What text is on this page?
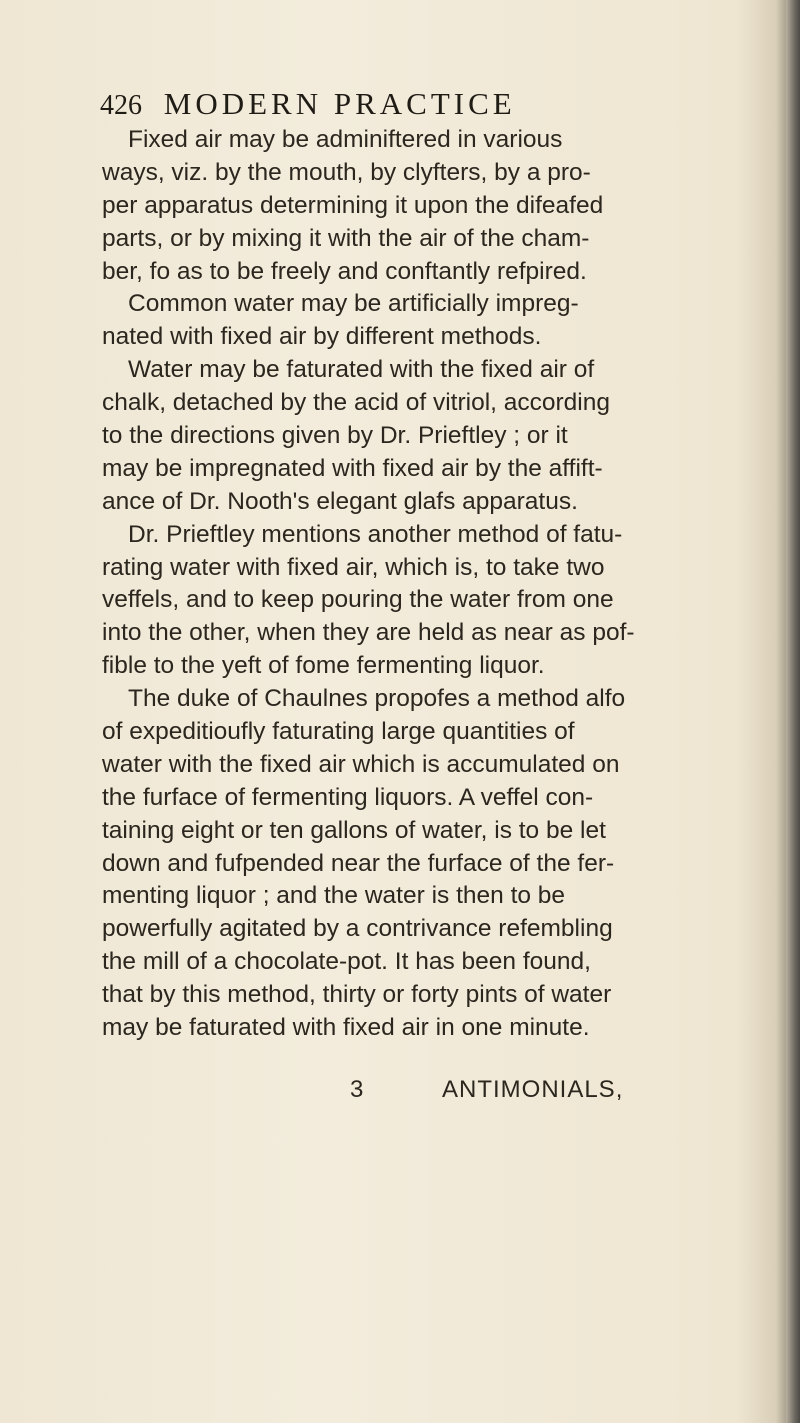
426 MODERN PRACTICE
Fixed air may be adminiftered in various
ways, viz. by the mouth, by clyfters, by a pro-
per apparatus determining it upon the difeafed
parts, or by mixing it with the air of the cham-
ber, fo as to be freely and conftantly refpired.
Common water may be artificially impreg-
nated with fixed air by different methods.
Water may be faturated with the fixed air of
chalk, detached by the acid of vitriol, according
to the directions given by Dr. Prieftley ; or it
may be impregnated with fixed air by the affift-
ance of Dr. Nooth's elegant glafs apparatus.
Dr. Prieftley mentions another method of fatu-
rating water with fixed air, which is, to take two
veffels, and to keep pouring the water from one
into the other, when they are held as near as pof-
fible to the yeft of fome fermenting liquor.
The duke of Chaulnes propofes a method alfo
of expeditioufly faturating large quantities of
water with the fixed air which is accumulated on
the furface of fermenting liquors. A veffel con-
taining eight or ten gallons of water, is to be let
down and fufpended near the furface of the fer-
menting liquor ; and the water is then to be
powerfully agitated by a contrivance refembling
the mill of a chocolate-pot. It has been found,
that by this method, thirty or forty pints of water
may be faturated with fixed air in one minute.
3	ANTIMONIALS,
